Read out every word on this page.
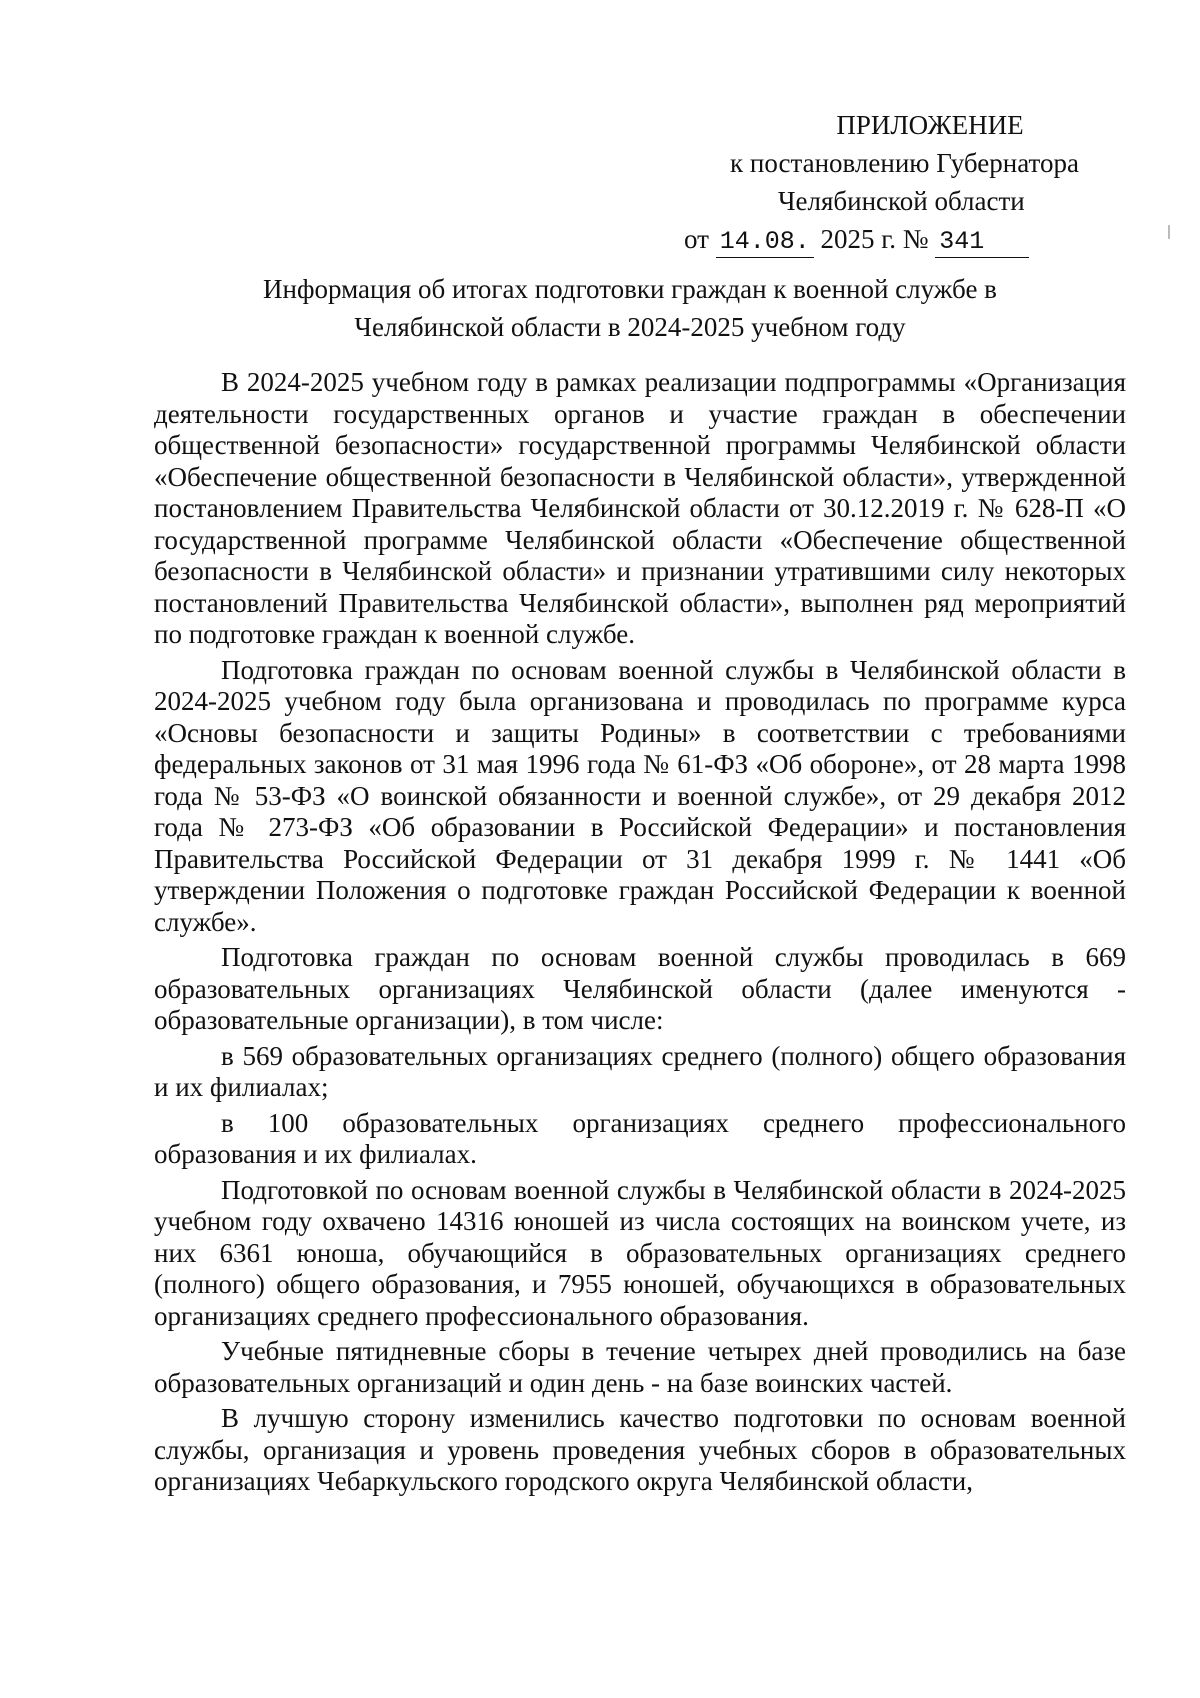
ПРИЛОЖЕНИЕ
к постановлению Губернатора
Челябинской области
от 14.08. 2025 г. № 341
Информация об итогах подготовки граждан к военной службе в
Челябинской области в 2024-2025 учебном году

В 2024-2025 учебном году в рамках реализации подпрограммы «Организация деятельности государственных органов и участие граждан в обеспечении общественной безопасности» государственной программы Челябинской области «Обеспечение общественной безопасности в Челябинской области», утвержденной постановлением Правительства Челябинской области от 30.12.2019 г. № 628-П «О государственной программе Челябинской области «Обеспечение общественной безопасности в Челябинской области» и признании утратившими силу некоторых постановлений Правительства Челябинской области», выполнен ряд мероприятий по подготовке граждан к военной службе.

Подготовка граждан по основам военной службы в Челябинской области в 2024-2025 учебном году была организована и проводилась по программе курса «Основы безопасности и защиты Родины» в соответствии с требованиями федеральных законов от 31 мая 1996 года № 61-ФЗ «Об обороне», от 28 марта 1998 года № 53-ФЗ «О воинской обязанности и военной службе», от 29 декабря 2012 года № 273-ФЗ «Об образовании в Российской Федерации» и постановления Правительства Российской Федерации от 31 декабря 1999 г. № 1441 «Об утверждении Положения о подготовке граждан Российской Федерации к военной службе».

Подготовка граждан по основам военной службы проводилась в 669 образовательных организациях Челябинской области (далее именуются - образовательные организации), в том числе:

в 569 образовательных организациях среднего (полного) общего образования и их филиалах;

в 100 образовательных организациях среднего профессионального образования и их филиалах.

Подготовкой по основам военной службы в Челябинской области в 2024-2025 учебном году охвачено 14316 юношей из числа состоящих на воинском учете, из них 6361 юноша, обучающийся в образовательных организациях среднего (полного) общего образования, и 7955 юношей, обучающихся в образовательных организациях среднего профессионального образования.

Учебные пятидневные сборы в течение четырех дней проводились на базе образовательных организаций и один день - на базе воинских частей.

В лучшую сторону изменились качество подготовки по основам военной службы, организация и уровень проведения учебных сборов в образовательных организациях Чебаркульского городского округа Челябинской области,
